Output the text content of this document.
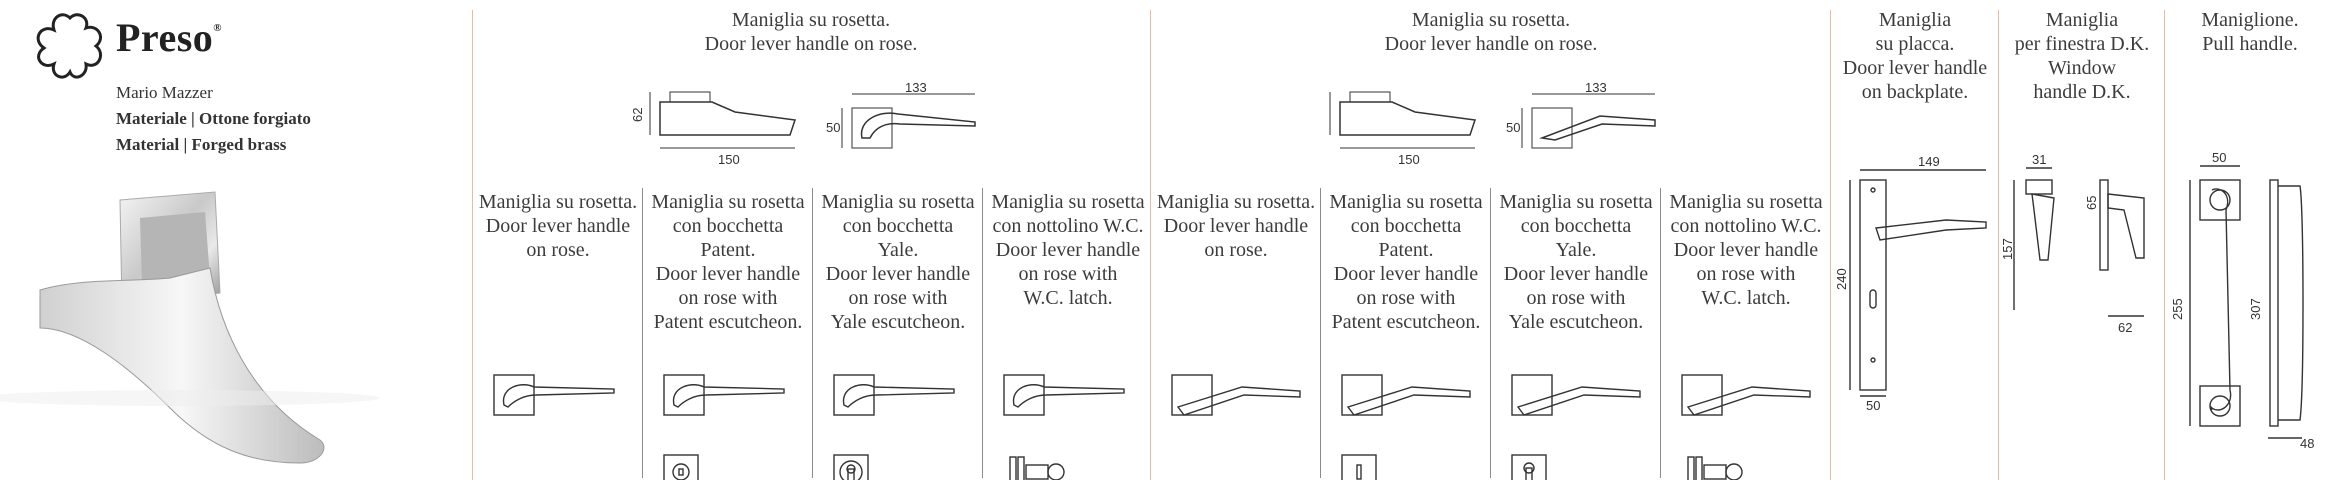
Preso®
Mario Mazzer
Materiale | Ottone forgiato
Material | Forged brass
Maniglia su rosetta.
Door lever handle on rose.
62
150
133
50
Maniglia su rosetta.
Door lever handle on rose.
150
133
50
Maniglia su rosetta.
Door lever handle
on rose.
Maniglia su rosetta
con bocchetta
Patent.
Door lever handle
on rose with
Patent escutcheon.
Maniglia su rosetta
con bocchetta
Yale.
Door lever handle
on rose with
Yale escutcheon.
Maniglia su rosetta
con nottolino W.C.
Door lever handle
on rose with
W.C. latch.
Maniglia su rosetta.
Door lever handle
on rose.
Maniglia su rosetta
con bocchetta
Patent.
Door lever handle
on rose with
Patent escutcheon.
Maniglia su rosetta
con bocchetta
Yale.
Door lever handle
on rose with
Yale escutcheon.
Maniglia su rosetta
con nottolino W.C.
Door lever handle
on rose with
W.C. latch.
Maniglia
su placca.
Door lever handle
on backplate.
149
240
50
Maniglia
per finestra D.K.
Window
handle D.K.
31
157
65
62
Maniglione.
Pull handle.
50
255	307
48
